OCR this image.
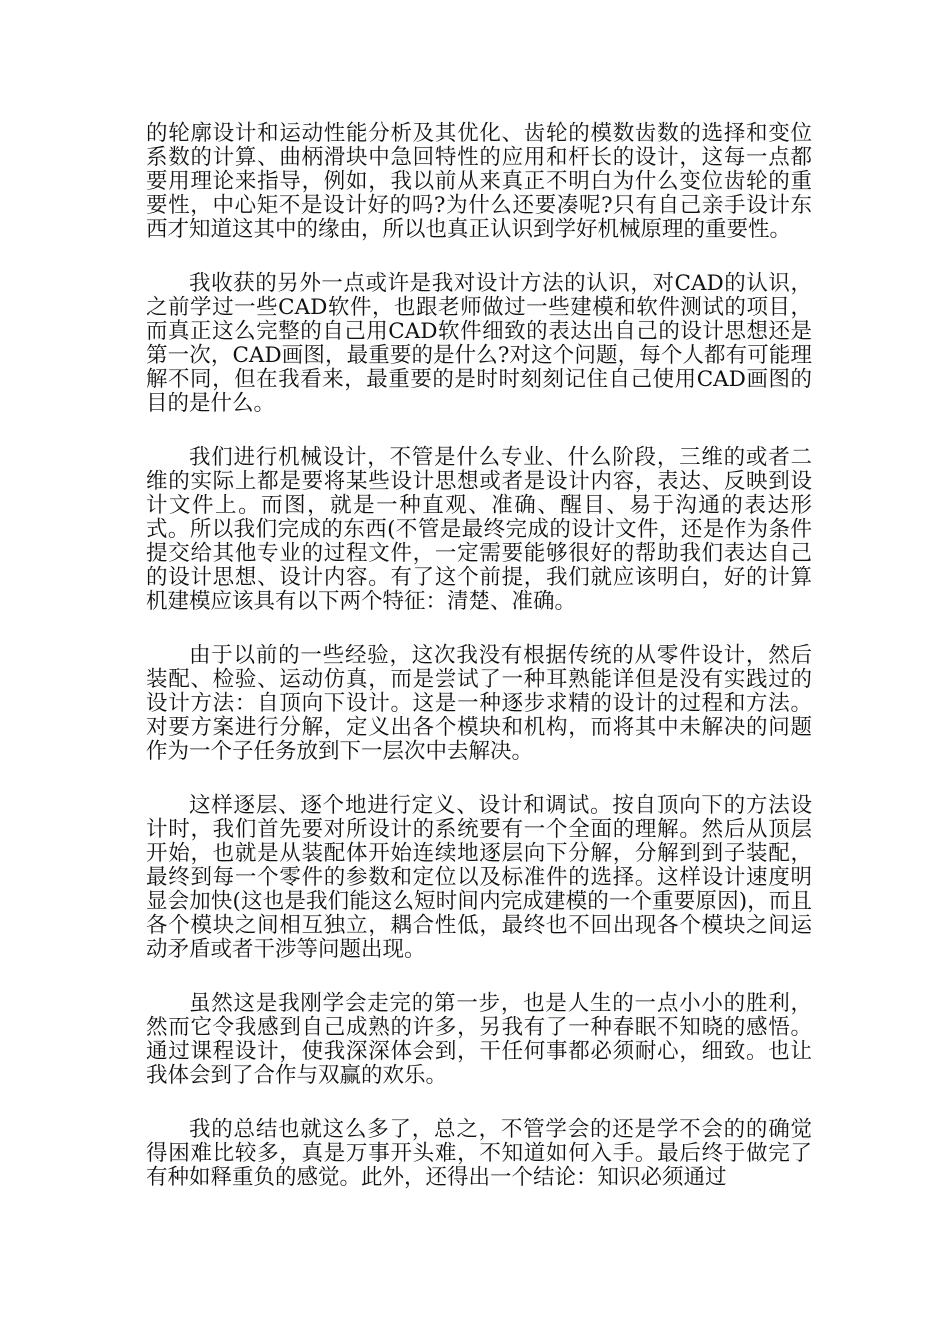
的轮廓设计和运动性能分析及其优化、齿轮的模数齿数的选择和变位系数的计算、曲柄滑块中急回特性的应用和杆长的设计，这每一点都要用理论来指导，例如，我以前从来真正不明白为什么变位齿轮的重要性，中心矩不是设计好的吗?为什么还要凑呢?只有自己亲手设计东西才知道这其中的缘由，所以也真正认识到学好机械原理的重要性。

我收获的另外一点或许是我对设计方法的认识，对CAD的认识，之前学过一些CAD软件，也跟老师做过一些建模和软件测试的项目，而真正这么完整的自己用CAD软件细致的表达出自己的设计思想还是第一次，CAD画图，最重要的是什么?对这个问题，每个人都有可能理解不同，但在我看来，最重要的是时时刻刻记住自己使用CAD画图的目的是什么。

我们进行机械设计，不管是什么专业、什么阶段，三维的或者二维的实际上都是要将某些设计思想或者是设计内容，表达、反映到设计文件上。而图，就是一种直观、准确、醒目、易于沟通的表达形式。所以我们完成的东西(不管是最终完成的设计文件，还是作为条件提交给其他专业的过程文件，一定需要能够很好的帮助我们表达自己的设计思想、设计内容。有了这个前提，我们就应该明白，好的计算机建模应该具有以下两个特征：清楚、准确。

由于以前的一些经验，这次我没有根据传统的从零件设计，然后装配、检验、运动仿真，而是尝试了一种耳熟能详但是没有实践过的设计方法：自顶向下设计。这是一种逐步求精的设计的过程和方法。对要方案进行分解，定义出各个模块和机构，而将其中未解决的问题作为一个子任务放到下一层次中去解决。

这样逐层、逐个地进行定义、设计和调试。按自顶向下的方法设计时，我们首先要对所设计的系统要有一个全面的理解。然后从顶层开始，也就是从装配体开始连续地逐层向下分解，分解到到子装配，最终到每一个零件的参数和定位以及标准件的选择。这样设计速度明显会加快(这也是我们能这么短时间内完成建模的一个重要原因)，而且各个模块之间相互独立，耦合性低，最终也不回出现各个模块之间运动矛盾或者干涉等问题出现。

虽然这是我刚学会走完的第一步，也是人生的一点小小的胜利，然而它令我感到自己成熟的许多，另我有了一种春眠不知晓的感悟。通过课程设计，使我深深体会到，干任何事都必须耐心，细致。也让我体会到了合作与双赢的欢乐。

我的总结也就这么多了，总之，不管学会的还是学不会的的确觉得困难比较多，真是万事开头难，不知道如何入手。最后终于做完了有种如释重负的感觉。此外，还得出一个结论：知识必须通过
